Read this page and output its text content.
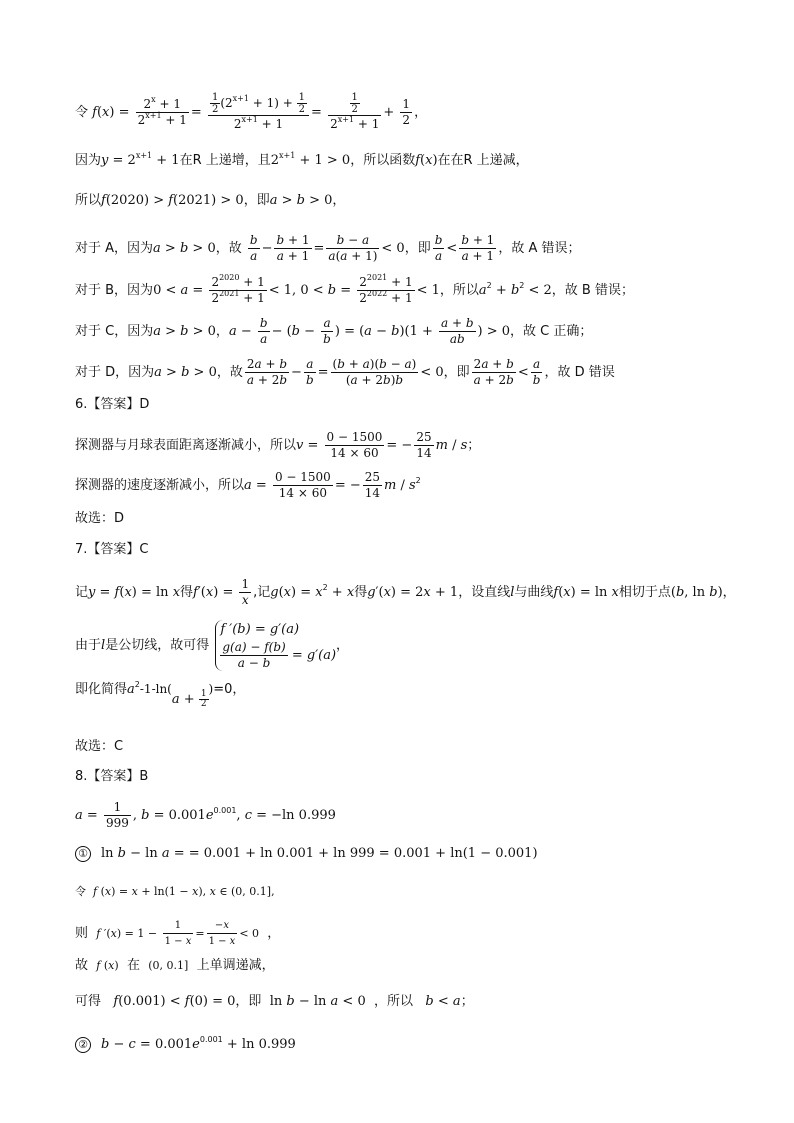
令 $f(x) = \frac{2^x + 1}{2^{x+1} + 1} = \frac{\frac{1}{2} (2^{x+1} + 1) + \frac{1}{2}}{2^{x+1} + 1} = \frac{\frac{1}{2}}{2^{x+1} + 1} + \frac{1}{2}$ ，
因为$y = 2^{x+1} + 1$在R 上递增，且$2^{x+1} + 1 > 0$，所以函数f(x)在在R 上递减，
所以f(2020) > f(2021) > 0，即a > b > 0，
对于 A，因为a > b > 0，故 $\frac{b}{a} - \frac{b + 1}{a + 1} = \frac{b - a}{a(a + 1)} < 0$，即 $\frac{b}{a} < \frac{b + 1}{a + 1}$ ，故 A 错误；
对于 B，因为$0 < a = \frac{2^{2020} + 1}{2^{2021} + 1} < 1$, $0 < b = \frac{2^{2021} + 1}{2^{2022} + 1} < 1$，所以$a^2 + b^2 < 2$，故 B 错误；
对于 C，因为a > b > 0，$a - \frac{b}{a} - (b - \frac{a}{b}$ ) = $(a - b)(1 + \frac{a + b}{ab}$ ) > 0，故 C 正确；
对于 D，因为a > b > 0，故 $\frac{2a + b}{a + 2b} - \frac{a}{b} = \frac{(b + a)(b - a)}{(a + 2b)b} < 0$，即 $\frac{2a + b}{a + 2b} < \frac{a}{b}$ ，故 D 错误
6.【答案】D
探测器与月球表面距离逐渐减小，所以$v = \frac{0 - 1500}{14 \times 60}$ = − $\frac{25}{14}$ m / s；
探测器的速度逐渐减小，所以$a = \frac{0 - 1500}{14 \times 60}$ = − $\frac{25}{14}$ m / $s^2$
故选：D
7.【答案】C
记y = f(x) = ln x得$f'(x) = \frac{1}{x}$ ,记$g(x) = x^2 + x$得g′(x) = 2x + 1，设直线l与曲线f(x) = ln x相切于点(b, ln b)，
由于l是公切线，故可得
f ′(b) = g′(a)
$\frac{g(a) - f(b)}{a - b} = g'(a)$
，
即化简得$a^2-1-\ln(a + \frac{1}{2}$
)=0，
故选：C
8.【答案】B
$a = \frac{1}{999}$ , $b = 0.001e^{0.001}$, c = −ln 0.999
① ln b − ln a = = 0.001 + ln 0.001 + ln 999 = 0.001 + ln(1 − 0.001)
令 f (x) = x + ln(1 − x), x ∈ (0, 0.1],
则 f $'(x) = 1 - \frac{1}{1 - x} = \frac{-x}{1 - x} < 0$  ，
故 f (x) 在 (0, 0.1] 上单调递减，
可得 f(0.001) < f(0) = 0，即 ln b − ln a < 0 ，所以 b < a；
② $b - c = 0.001e^{0.001} + \ln 0.999$
